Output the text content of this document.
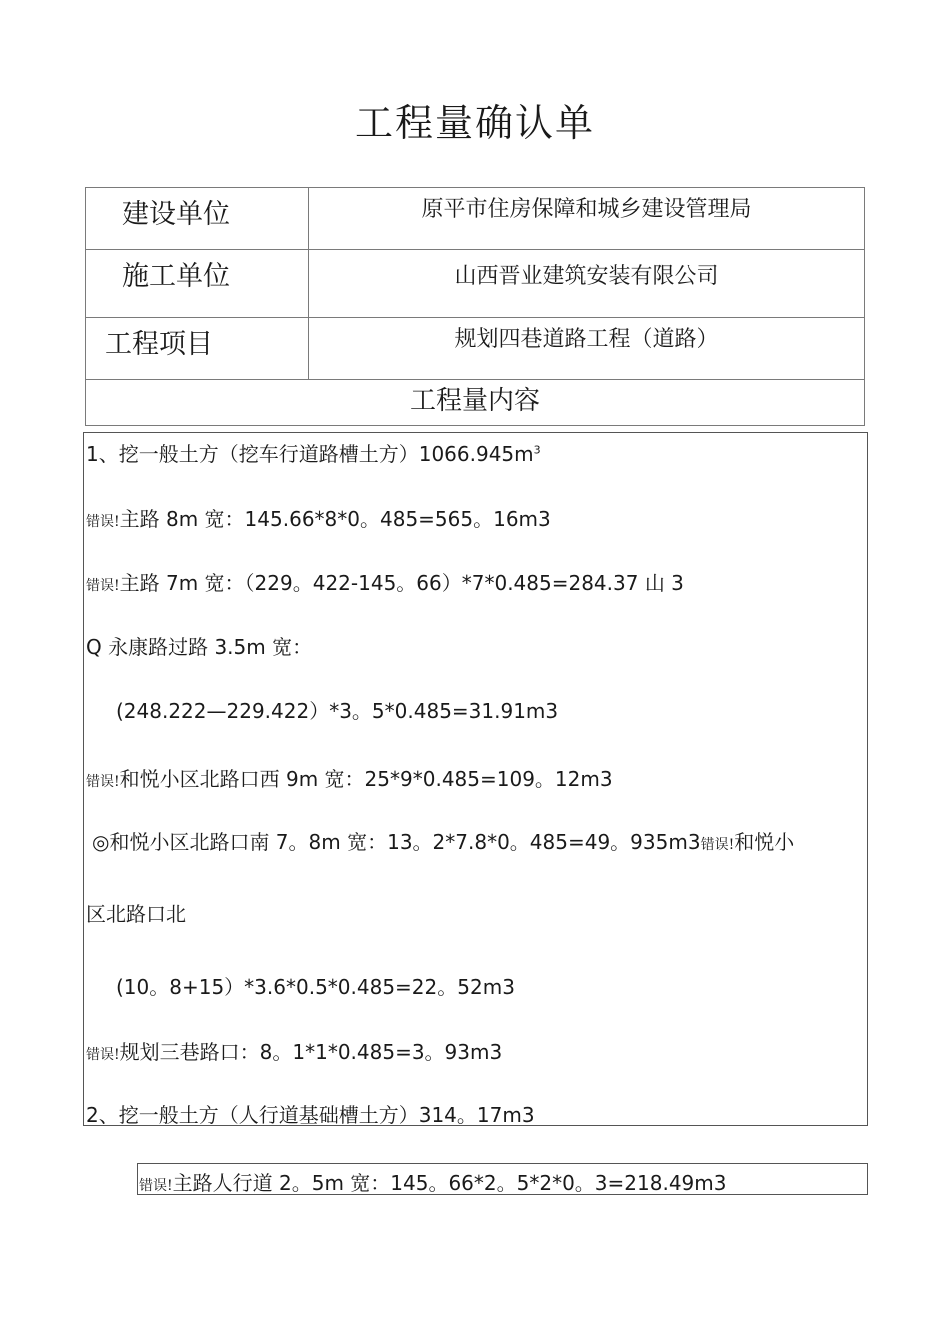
工程量确认单
建设单位	原平市住房保障和城乡建设管理局
施工单位	山西晋业建筑安装有限公司
工程项目	规划四巷道路工程（道路）
工程量内容	
1、挖一般土方（挖车行道路槽土方）$1066.945m^3$
错误!主路 8m 宽：145.66*8*0。485=565。16m3
错误!主路 7m 宽：（229。422-145。66）*7*0.485=284.37 山 3
Q 永康路过路 3.5m 宽：
(248.222—229.422）*3。5*0.485=31.91m3
错误!和悦小区北路口西 9m 宽：25*9*0.485=109。12m3
◎和悦小区北路口南 7。8m 宽：13。2*7.8*0。485=49。935m3错误!和悦小
区北路口北
(10。8+15）*3.6*0.5*0.485=22。52m3
错误!规划三巷路口：8。1*1*0.485=3。93m3
2、挖一般土方（人行道基础槽土方）314。17m3
错误!主路人行道 2。5m 宽：145。66*2。5*2*0。3=218.49m3
